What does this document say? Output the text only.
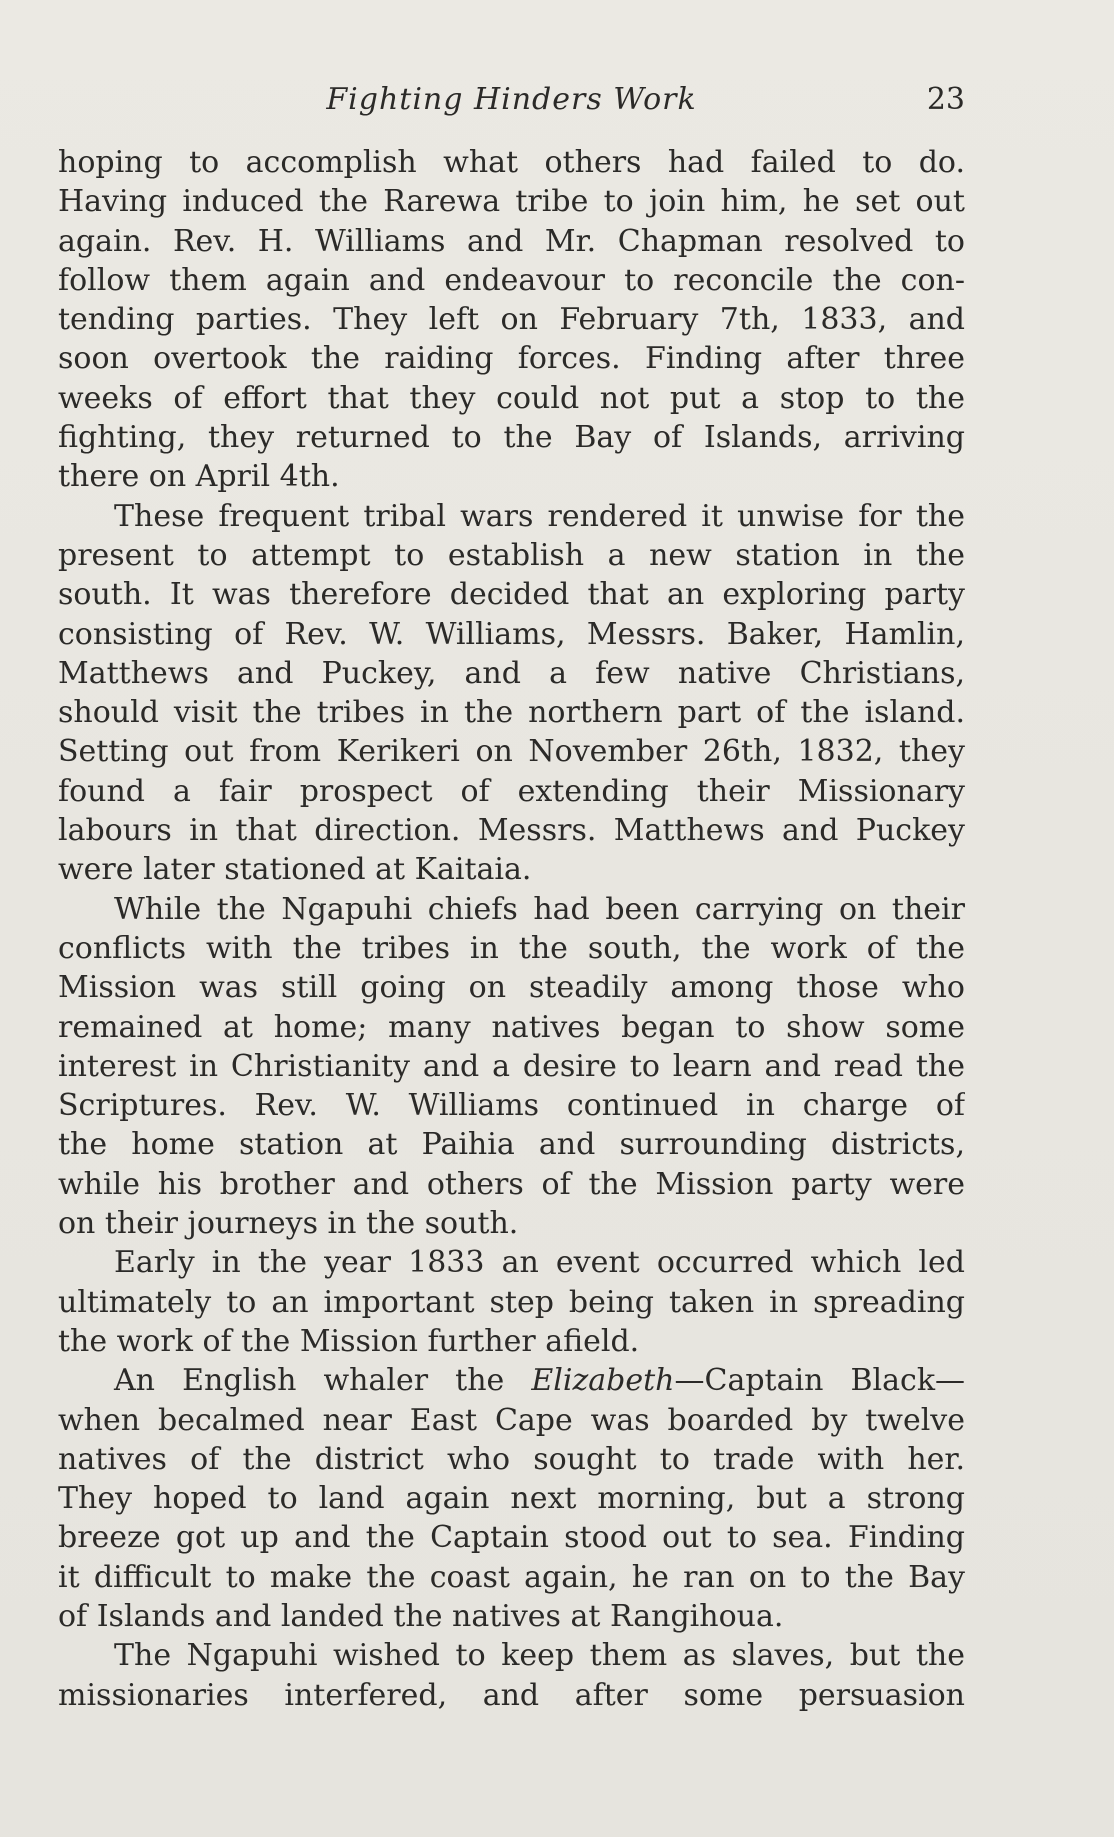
Fighting Hinders Work	23
hoping to accomplish what others had failed to do.
Having induced the Rarewa tribe to join him, he set out
again. Rev. H. Williams and Mr. Chapman resolved to
follow them again and endeavour to reconcile the con-
tending parties. They left on February 7th, 1833, and
soon overtook the raiding forces. Finding after three
weeks of effort that they could not put a stop to the
fighting, they returned to the Bay of Islands, arriving
there on April 4th.
These frequent tribal wars rendered it unwise for the
present to attempt to establish a new station in the
south. It was therefore decided that an exploring party
consisting of Rev. W. Williams, Messrs. Baker, Hamlin,
Matthews and Puckey, and a few native Christians,
should visit the tribes in the northern part of the island.
Setting out from Kerikeri on November 26th, 1832, they
found a fair prospect of extending their Missionary
labours in that direction. Messrs. Matthews and Puckey
were later stationed at Kaitaia.
While the Ngapuhi chiefs had been carrying on their
conflicts with the tribes in the south, the work of the
Mission was still going on steadily among those who
remained at home; many natives began to show some
interest in Christianity and a desire to learn and read the
Scriptures. Rev. W. Williams continued in charge of
the home station at Paihia and surrounding districts,
while his brother and others of the Mission party were
on their journeys in the south.
Early in the year 1833 an event occurred which led
ultimately to an important step being taken in spreading
the work of the Mission further afield.
An English whaler the Elizabeth—Captain Black—
when becalmed near East Cape was boarded by twelve
natives of the district who sought to trade with her.
They hoped to land again next morning, but a strong
breeze got up and the Captain stood out to sea. Finding
it difficult to make the coast again, he ran on to the Bay
of Islands and landed the natives at Rangihoua.
The Ngapuhi wished to keep them as slaves, but the
missionaries interfered, and after some persuasion
